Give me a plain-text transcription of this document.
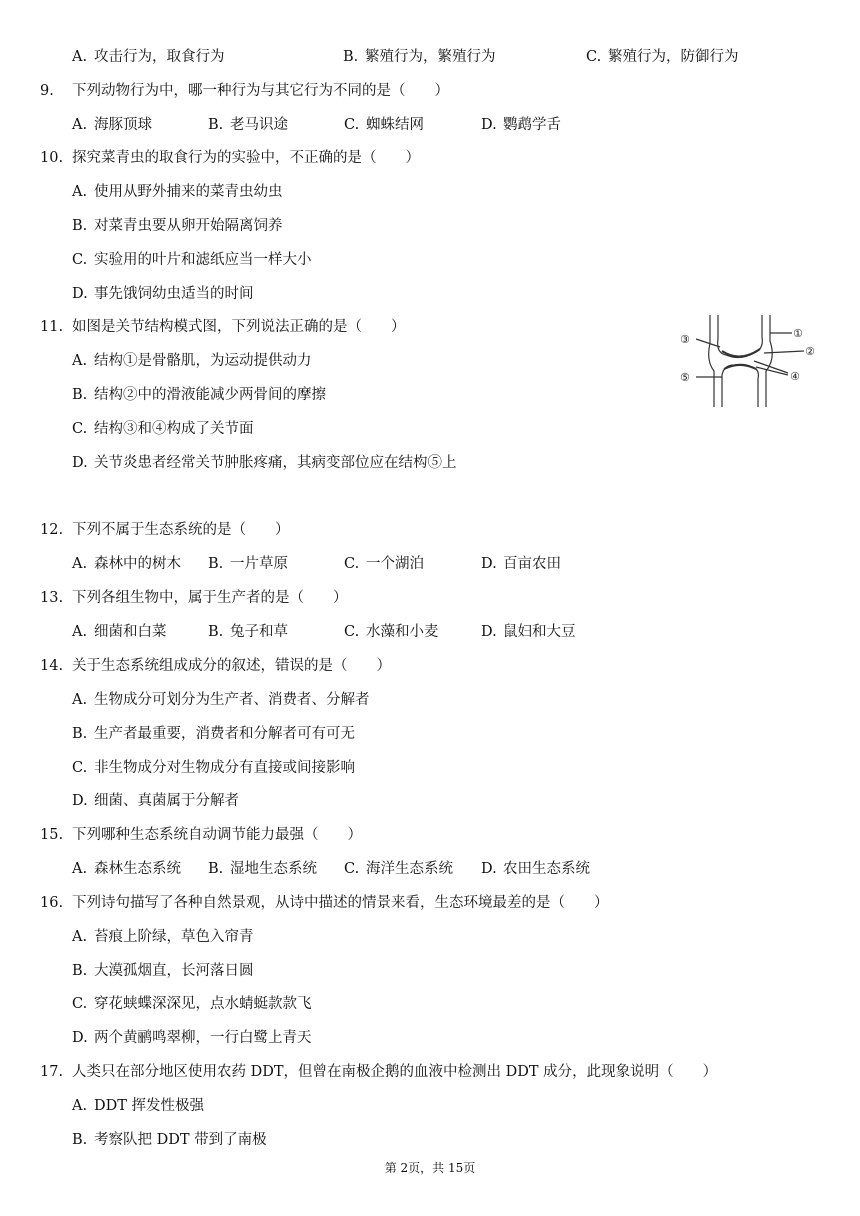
A. 攻击行为，取食行为	B. 繁殖行为，繁殖行为	C. 繁殖行为，防御行为
9. 下列动物行为中，哪一种行为与其它行为不同的是（　　）
A. 海豚顶球	B. 老马识途	C. 蜘蛛结网	D. 鹦鹉学舌
10. 探究菜青虫的取食行为的实验中，不正确的是（　　）
A. 使用从野外捕来的菜青虫幼虫
B. 对菜青虫要从卵开始隔离饲养
C. 实验用的叶片和滤纸应当一样大小
D. 事先饿饲幼虫适当的时间
11. 如图是关节结构模式图，下列说法正确的是（　　）
A. 结构①是骨骼肌，为运动提供动力
B. 结构②中的滑液能减少两骨间的摩擦
C. 结构③和④构成了关节面
D. 关节炎患者经常关节肿胀疼痛，其病变部位应在结构⑤上
①
②
③
④
⑤
12. 下列不属于生态系统的是（　　）
A. 森林中的树木 B. 一片草原	C. 一个湖泊	D. 百亩农田
13. 下列各组生物中，属于生产者的是（　　）
A. 细菌和白菜	B. 兔子和草	C. 水藻和小麦	D. 鼠妇和大豆
14. 关于生态系统组成成分的叙述，错误的是（　　）
A. 生物成分可划分为生产者、消费者、分解者
B. 生产者最重要，消费者和分解者可有可无
C. 非生物成分对生物成分有直接或间接影响
D. 细菌、真菌属于分解者
15. 下列哪种生态系统自动调节能力最强（　　）
A. 森林生态系统 B. 湿地生态系统 C. 海洋生态系统 D. 农田生态系统
16. 下列诗句描写了各种自然景观，从诗中描述的情景来看，生态环境最差的是（　　）
A. 苔痕上阶绿，草色入帘青
B. 大漠孤烟直，长河落日圆
C. 穿花蛱蝶深深见，点水蜻蜓款款飞
D. 两个黄鹂鸣翠柳，一行白鹭上青天
17. 人类只在部分地区使用农药 DDT，但曾在南极企鹅的血液中检测出 DDT 成分，此现象说明（　　）
A. DDT 挥发性极强
B. 考察队把 DDT 带到了南极
第 2页，共 15页
